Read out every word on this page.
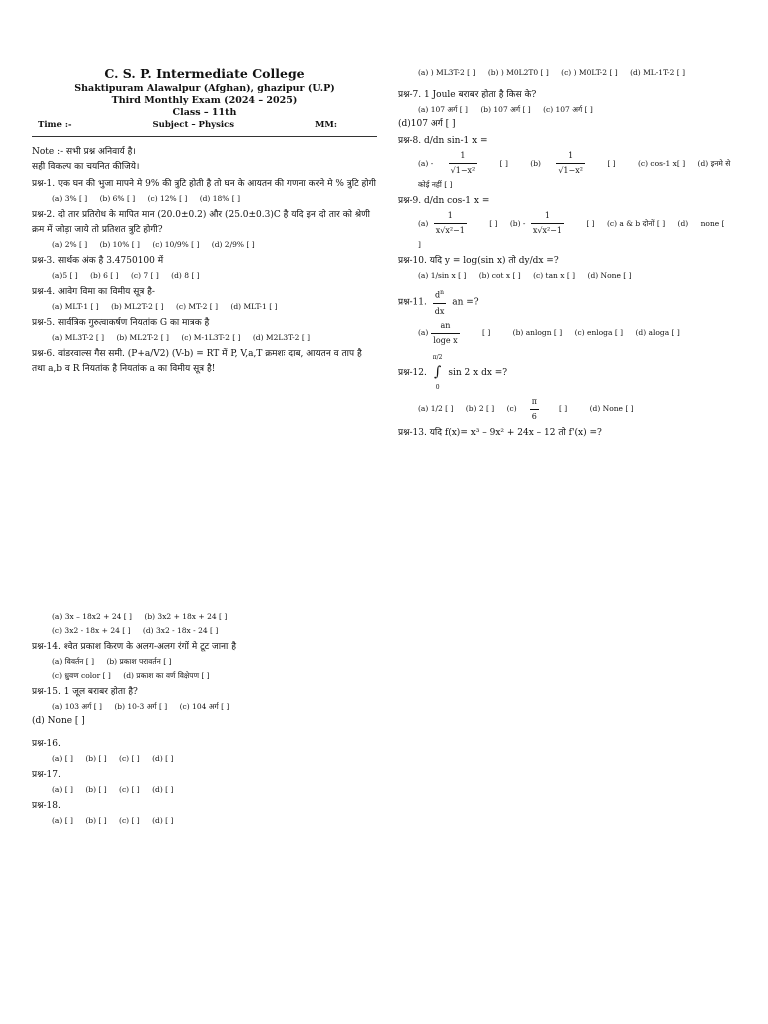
C. S. P. Intermediate College
Shaktipuram Alawalpur (Afghan), ghazipur (U.P)
Third Monthly Exam (2024 – 2025)
Class – 11th
Time :-	Subject – Physics	MM:
Note :- सभी प्रश्न अनिवार्य है।
सही विकल्प का चयनित कीजिये।
प्रश्न-1. एक घन की भुजा मापने मे 9% की त्रुटि होती है तो घन के आयतन की गणना करने मे % त्रुटि होगी
(a) 3% [ ] (b) 6% [ ] (c) 12% [ ] (d) 18% [ ]
प्रश्न-2. दो तार प्रतिरोध के मापित मान (20.0±0.2) और (25.0±0.3)C है यदि इन दो तार को श्रेणी क्रम में जोड़ा जाये तो प्रतिशत त्रुटि होगी?
(a) 2% [ ] (b) 10% [ ] (c) 10/9% [ ] (d) 2/9% [ ]
प्रश्न-3. सार्थक अंक है 3.4750100 में
(a)5 [ ] (b) 6 [ ] (c) 7 [ ] (d) 8 [ ]
प्रश्न-4. आवेग विमा का विमीय सूत्र है-
(a) MLT-1 [ ] (b) ML2T-2 [ ] (c) MT-2 [ ] (d) MLT-1 [ ]
प्रश्न-5. सार्वत्रिक गुरुत्वाकर्षण नियतांक G का मात्रक है
(a) ML3T-2 [ ] (b) ML2T-2 [ ] (c) M-1L3T-2 [ ] (d) M2L3T-2 [ ]
प्रश्न-6. वांडरवाल्स गैस समी. (P+a/V2) (V-b) = RT में P, V,a,T क्रमशः दाब, आयतन व ताप है तथा a,b व R नियतांक है नियतांक a का विमीय सूत्र है!
(a) ) ML3T-2 [ ] (b) ) M0L2T0 [ ] (c) ) M0LT-2 [ ] (d) ML-1T-2 [ ]
प्रश्न-7. 1 Joule बराबर होता है किस के?
(a) 107 अर्ग [ ] (b) 107 अर्ग [ ] (c) 107 अर्ग [ ]
(d)107 अर्ग [ ]
प्रश्न-8. d/dn sin-1 x =
$(a) - \frac{1}{\text{√1−x²}}$ [ ]	$(b) \frac{1}{\text{√1−x²}}$ [ ]	(c) cos-1 x[ ] (d) इनमे से कोई नहीं [ ]
प्रश्न-9. d/dn cos-1 x =
$(a) \frac{1}{\text{x√x²−1}}$ [ ] $(b) - \frac{1}{\text{x√x²−1}}$ [ ] (c) a & b दोनों [ ] (d) none [ ]
प्रश्न-10. यदि y = log(sin x) तो dy/dx =?
(a) 1/sin x [ ] (b) cot x [ ] (c) tan x [ ] (d) None [ ]
प्रश्न-11. $\frac{d^n}{dx}$ an =?
$(a) \frac{an}{\text{loge x}}$ [ ]	(b) anlogn [ ] (c) enloga [ ] (d) aloga [ ]
प्रश्न-12.
π/2
∫
0
sin 2 x dx =?
(a) 1/2 [ ] (b) 2 [ ] $(c) \frac{\pi}{6}$ [ ]	(d) None [ ]
प्रश्न-13. यदि f(x)= x³ – 9x² + 24x – 12 तो f'(x) =?
(a) 3x – 18x2 + 24 [ ] (b) 3x2 + 18x + 24 [ ]
(c) 3x2 - 18x + 24 [ ] (d) 3x2 - 18x - 24 [ ]
प्रश्न-14. श्वेत प्रकाश किरण के अलग-अलग रंगों मे टूट जाना है
(a) विवर्तन [ ] (b) प्रकाश परावर्तन [ ]
(c) ध्रुवण color [ ] (d) प्रकाश का वर्ण विक्षेपण [ ]
प्रश्न-15. 1 जूल बराबर होता है?
(a) 103 अर्ग [ ] (b) 10-3 अर्ग [ ] (c) 104 अर्ग [ ]
(d) None [ ]
प्रश्न-16.
(a) [ ] (b) [ ] (c) [ ] (d) [ ]
प्रश्न-17.
(a) [ ] (b) [ ] (c) [ ] (d) [ ]
प्रश्न-18.
(a) [ ] (b) [ ] (c) [ ] (d) [ ]
